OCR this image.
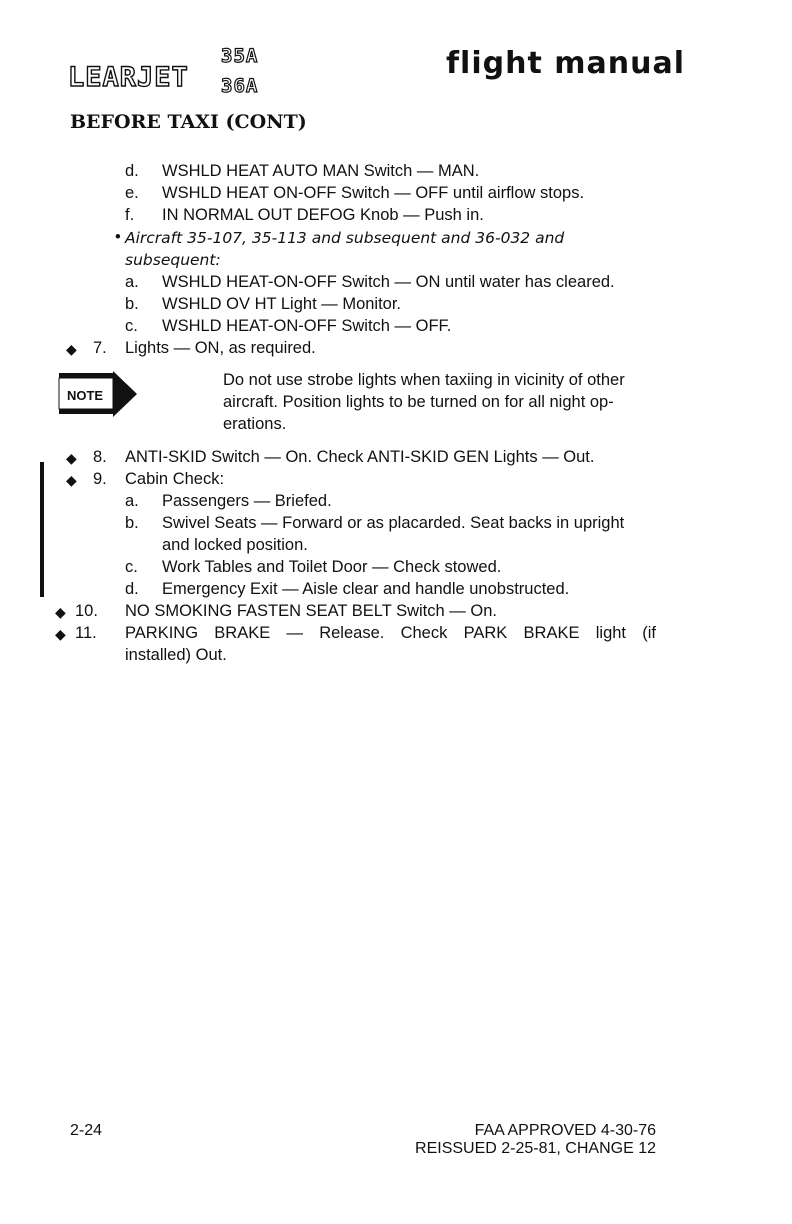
LEARJET
35A
36A
flight manual
BEFORE TAXI (CONT)
d. WSHLD HEAT AUTO MAN Switch — MAN.
e. WSHLD HEAT ON-OFF Switch — OFF until airflow stops.
f. IN NORMAL OUT DEFOG Knob — Push in.
• Aircraft 35-107, 35-113 and subsequent and 36-032 and
subsequent:
a. WSHLD HEAT-ON-OFF Switch — ON until water has cleared.
b. WSHLD OV HT Light — Monitor.
c. WSHLD HEAT-ON-OFF Switch — OFF.
◆ 7. Lights — ON, as required.
NOTE
Do not use strobe lights when taxiing in vicinity of other
aircraft. Position lights to be turned on for all night op-
erations.
◆ 8. ANTI-SKID Switch — On. Check ANTI-SKID GEN Lights — Out.
◆ 9. Cabin Check:
a. Passengers — Briefed.
b. Swivel Seats — Forward or as placarded. Seat backs in upright
and locked position.
c. Work Tables and Toilet Door — Check stowed.
d. Emergency Exit — Aisle clear and handle unobstructed.
◆ 10. NO SMOKING FASTEN SEAT BELT Switch — On.
◆ 11. PARKING BRAKE — Release. Check PARK BRAKE light (if
installed) Out.
2-24	FAA APPROVED 4-30-76
REISSUED 2-25-81, CHANGE 12
